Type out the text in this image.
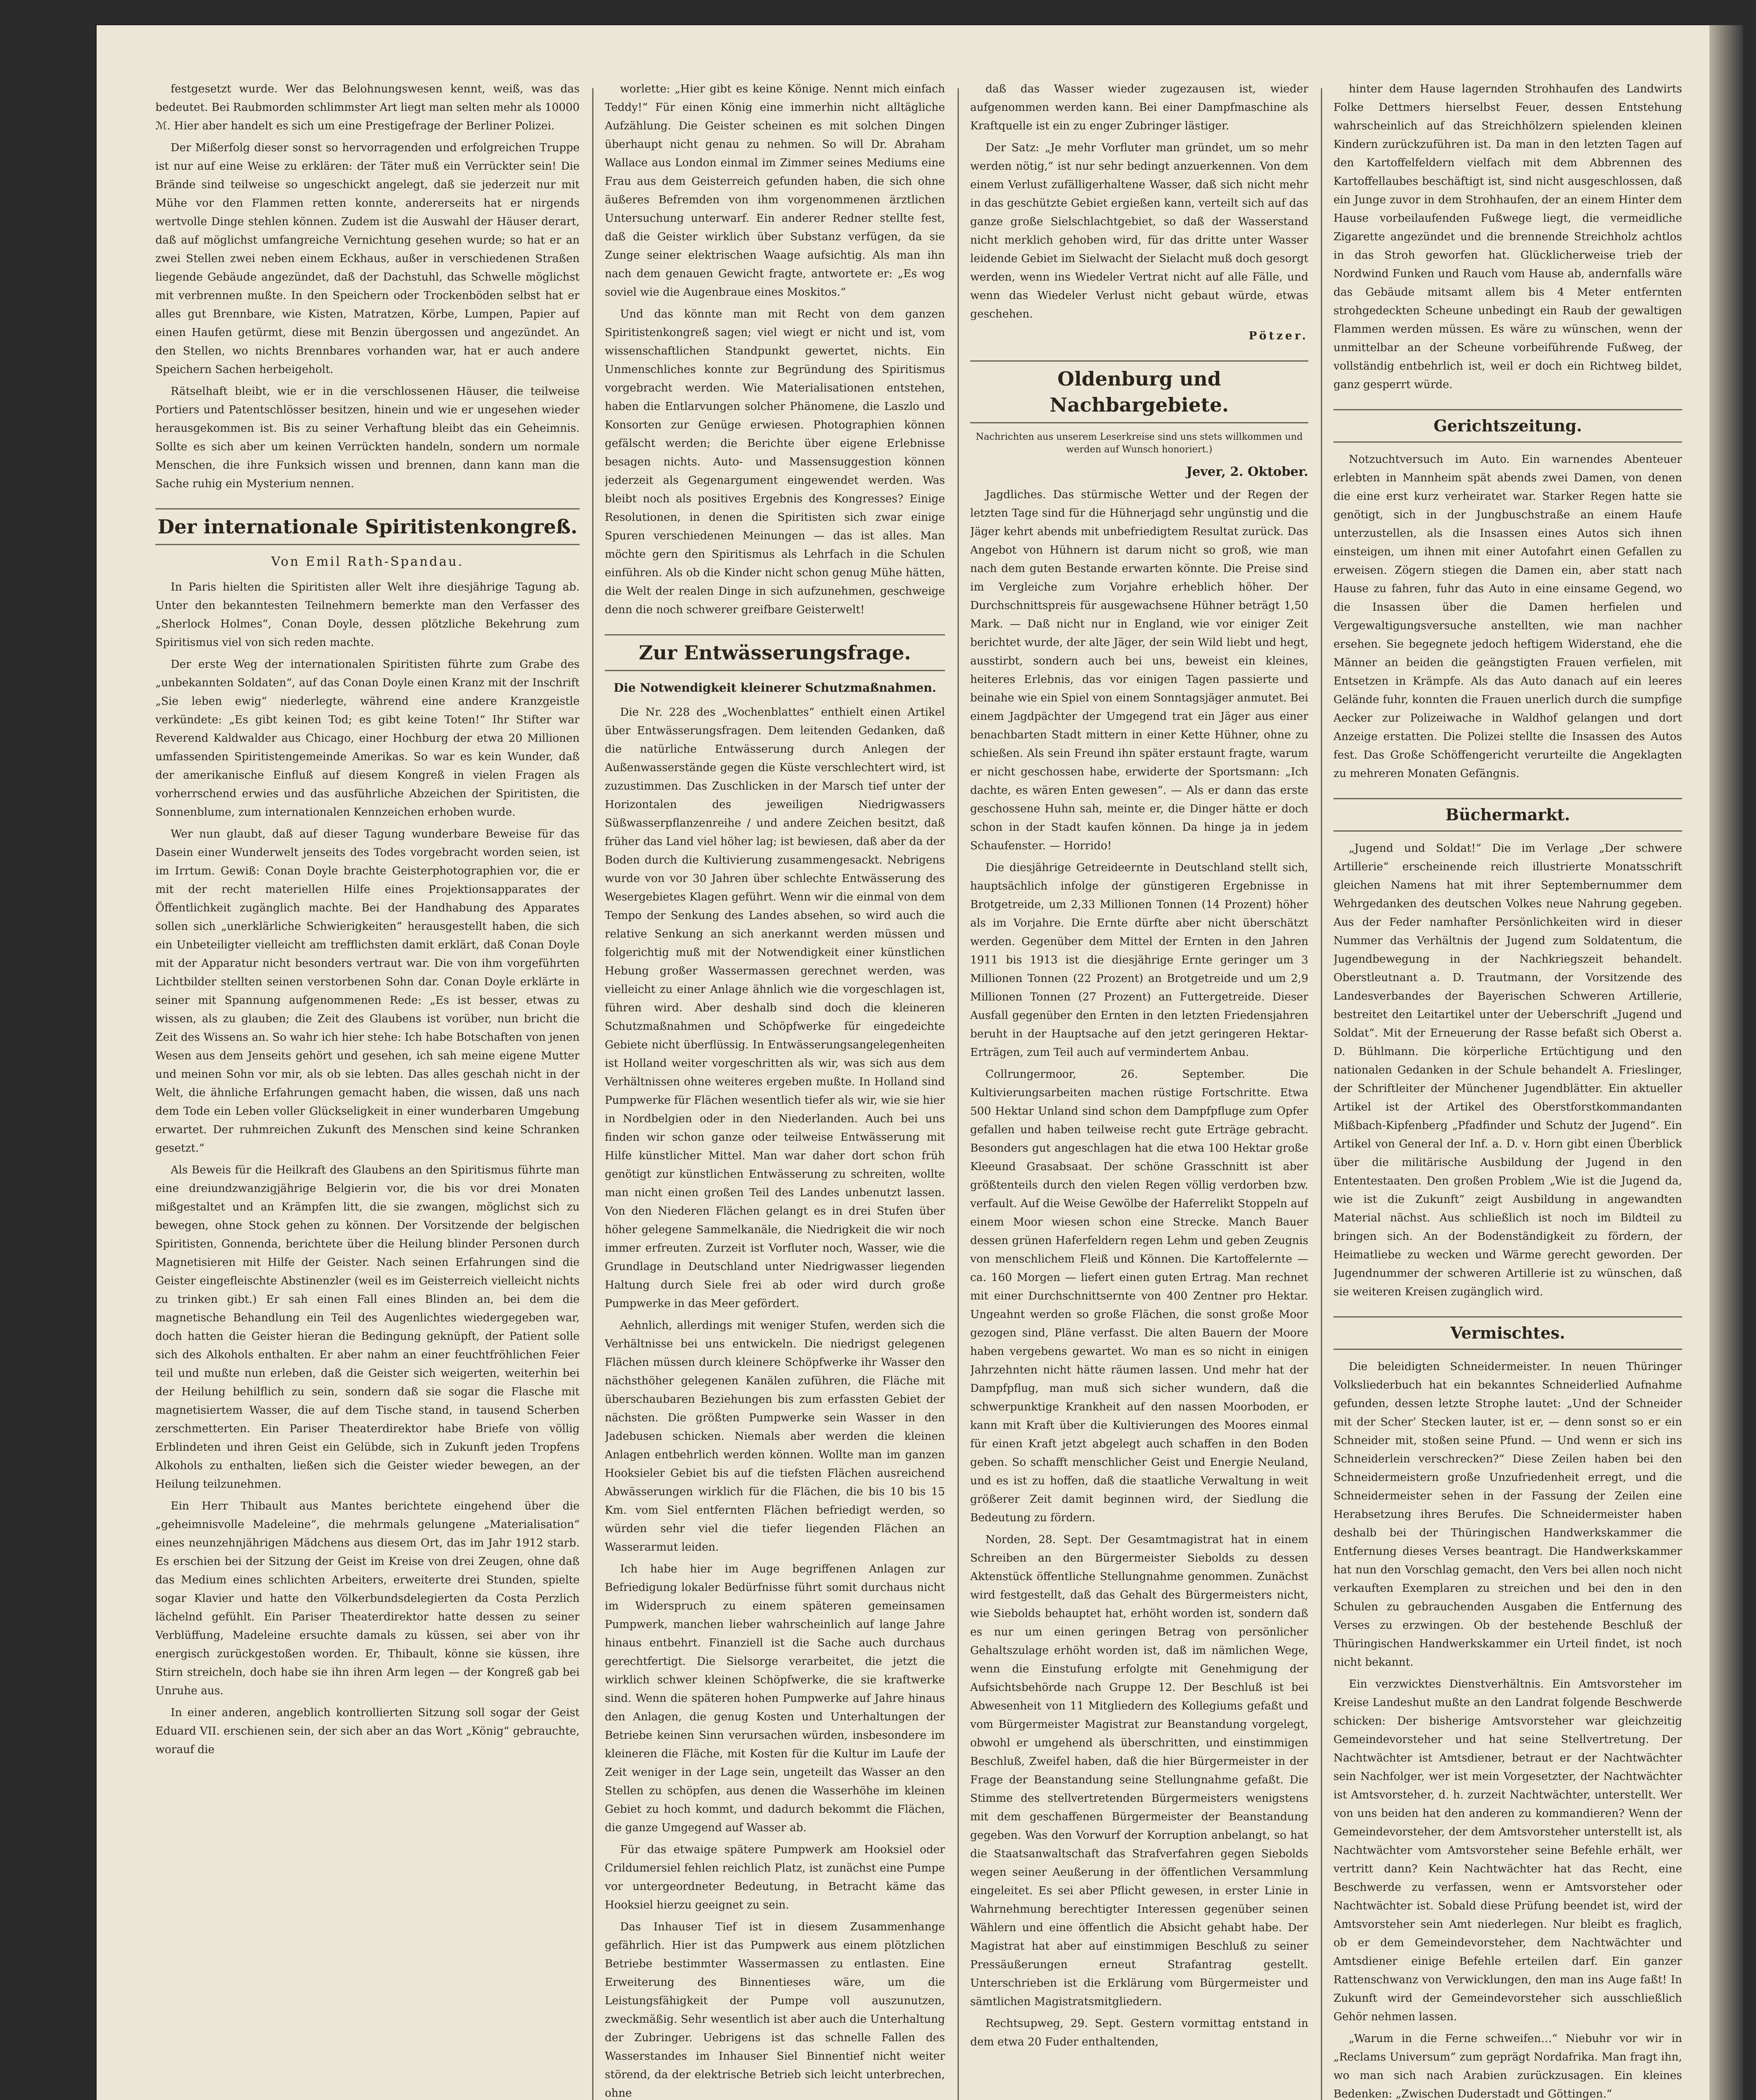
festgesetzt wurde. Wer das Belohnungswesen kennt, weiß, was das bedeutet. Bei Raubmorden schlimmster Art liegt man selten mehr als 10000 ℳ. Hier aber handelt es sich um eine Prestigefrage der Berliner Polizei.

Der Mißerfolg dieser sonst so hervorragenden und erfolgreichen Truppe ist nur auf eine Weise zu erklären: der Täter muß ein Verrückter sein! Die Brände sind teilweise so ungeschickt angelegt, daß sie jederzeit nur mit Mühe vor den Flammen retten konnte, andererseits hat er nirgends wertvolle Dinge stehlen können. Zudem ist die Auswahl der Häuser derart, daß auf möglichst umfangreiche Vernichtung gesehen wurde; so hat er an zwei Stellen zwei neben einem Eckhaus, außer in verschiedenen Straßen liegende Gebäude angezündet, daß der Dachstuhl, das Schwelle möglichst mit verbrennen mußte. In den Speichern oder Trockenböden selbst hat er alles gut Brennbare, wie Kisten, Matratzen, Körbe, Lumpen, Papier auf einen Haufen getürmt, diese mit Benzin übergossen und angezündet. An den Stellen, wo nichts Brennbares vorhanden war, hat er auch andere Speichern Sachen herbeigeholt.

Rätselhaft bleibt, wie er in die verschlossenen Häuser, die teilweise Portiers und Patentschlösser besitzen, hinein und wie er ungesehen wieder herausgekommen ist. Bis zu seiner Verhaftung bleibt das ein Geheimnis. Sollte es sich aber um keinen Verrückten handeln, sondern um normale Menschen, die ihre Funksich wissen und brennen, dann kann man die Sache ruhig ein Mysterium nennen.

Der internationale Spiritistenkongreß.
Von Emil Rath-Spandau.

In Paris hielten die Spiritisten aller Welt ihre diesjährige Tagung ab. Unter den bekanntesten Teilnehmern bemerkte man den Verfasser des „Sherlock Holmes“, Conan Doyle, dessen plötzliche Bekehrung zum Spiritismus viel von sich reden machte.

Der erste Weg der internationalen Spiritisten führte zum Grabe des „unbekannten Soldaten“, auf das Conan Doyle einen Kranz mit der Inschrift „Sie leben ewig“ niederlegte, während eine andere Kranzgeistle verkündete: „Es gibt keinen Tod; es gibt keine Toten!“ Ihr Stifter war Reverend Kaldwalder aus Chicago, einer Hochburg der etwa 20 Millionen umfassenden Spiritistengemeinde Amerikas. So war es kein Wunder, daß der amerikanische Einfluß auf diesem Kongreß in vielen Fragen als vorherrschend erwies und das ausführliche Abzeichen der Spiritisten, die Sonnenblume, zum internationalen Kennzeichen erhoben wurde.

Wer nun glaubt, daß auf dieser Tagung wunderbare Beweise für das Dasein einer Wunderwelt jenseits des Todes vorgebracht worden seien, ist im Irrtum. Gewiß: Conan Doyle brachte Geisterphotographien vor, die er mit der recht materiellen Hilfe eines Projektionsapparates der Öffentlichkeit zugänglich machte. Bei der Handhabung des Apparates sollen sich „unerklärliche Schwierigkeiten“ herausgestellt haben, die sich ein Unbeteiligter vielleicht am trefflichsten damit erklärt, daß Conan Doyle mit der Apparatur nicht besonders vertraut war. Die von ihm vorgeführten Lichtbilder stellten seinen verstorbenen Sohn dar. Conan Doyle erklärte in seiner mit Spannung aufgenommenen Rede: „Es ist besser, etwas zu wissen, als zu glauben; die Zeit des Glaubens ist vorüber, nun bricht die Zeit des Wissens an. So wahr ich hier stehe: Ich habe Botschaften von jenen Wesen aus dem Jenseits gehört und gesehen, ich sah meine eigene Mutter und meinen Sohn vor mir, als ob sie lebten. Das alles geschah nicht in der Welt, die ähnliche Erfahrungen gemacht haben, die wissen, daß uns nach dem Tode ein Leben voller Glückseligkeit in einer wunderbaren Umgebung erwartet. Der ruhmreichen Zukunft des Menschen sind keine Schranken gesetzt.“

Als Beweis für die Heilkraft des Glaubens an den Spiritismus führte man eine dreiundzwanzigjährige Belgierin vor, die bis vor drei Monaten mißgestaltet und an Krämpfen litt, die sie zwangen, möglichst sich zu bewegen, ohne Stock gehen zu können. Der Vorsitzende der belgischen Spiritisten, Gonnenda, berichtete über die Heilung blinder Personen durch Magnetisieren mit Hilfe der Geister. Nach seinen Erfahrungen sind die Geister eingefleischte Abstinenzler (weil es im Geisterreich vielleicht nichts zu trinken gibt.) Er sah einen Fall eines Blinden an, bei dem die magnetische Behandlung ein Teil des Augenlichtes wiedergegeben war, doch hatten die Geister hieran die Bedingung geknüpft, der Patient solle sich des Alkohols enthalten. Er aber nahm an einer feuchtfröhlichen Feier teil und mußte nun erleben, daß die Geister sich weigerten, weiterhin bei der Heilung behilflich zu sein, sondern daß sie sogar die Flasche mit magnetisiertem Wasser, die auf dem Tische stand, in tausend Scherben zerschmetterten. Ein Pariser Theaterdirektor habe Briefe von völlig Erblindeten und ihren Geist ein Gelübde, sich in Zukunft jeden Tropfens Alkohols zu enthalten, ließen sich die Geister wieder bewegen, an der Heilung teilzunehmen.

Ein Herr Thibault aus Mantes berichtete eingehend über die „geheimnisvolle Madeleine“, die mehrmals gelungene „Materialisation“ eines neunzehnjährigen Mädchens aus diesem Ort, das im Jahr 1912 starb. Es erschien bei der Sitzung der Geist im Kreise von drei Zeugen, ohne daß das Medium eines schlichten Arbeiters, erweiterte drei Stunden, spielte sogar Klavier und hatte den Völkerbundsdelegierten da Costa Perzlich lächelnd gefühlt. Ein Pariser Theaterdirektor hatte dessen zu seiner Verblüffung, Madeleine ersuchte damals zu küssen, sei aber von ihr energisch zurückgestoßen worden. Er, Thibault, könne sie küssen, ihre Stirn streicheln, doch habe sie ihn ihren Arm legen — der Kongreß gab bei Unruhe aus.

In einer anderen, angeblich kontrollierten Sitzung soll sogar der Geist Eduard VII. erschienen sein, der sich aber an das Wort „König“ gebrauchte, worauf die

worlette: „Hier gibt es keine Könige. Nennt mich einfach Teddy!“ Für einen König eine immerhin nicht alltägliche Aufzählung. Die Geister scheinen es mit solchen Dingen überhaupt nicht genau zu nehmen. So will Dr. Abraham Wallace aus London einmal im Zimmer seines Mediums eine Frau aus dem Geisterreich gefunden haben, die sich ohne äußeres Befremden von ihm vorgenommenen ärztlichen Untersuchung unterwarf. Ein anderer Redner stellte fest, daß die Geister wirklich über Substanz verfügen, da sie Zunge seiner elektrischen Waage aufsichtig. Als man ihn nach dem genauen Gewicht fragte, antwortete er: „Es wog soviel wie die Augenbraue eines Moskitos.“

Und das könnte man mit Recht von dem ganzen Spiritistenkongreß sagen; viel wiegt er nicht und ist, vom wissenschaftlichen Standpunkt gewertet, nichts. Ein Unmenschliches konnte zur Begründung des Spiritismus vorgebracht werden. Wie Materialisationen entstehen, haben die Entlarvungen solcher Phänomene, die Laszlo und Konsorten zur Genüge erwiesen. Photographien können gefälscht werden; die Berichte über eigene Erlebnisse besagen nichts. Auto- und Massensuggestion können jederzeit als Gegenargument eingewendet werden. Was bleibt noch als positives Ergebnis des Kongresses? Einige Resolutionen, in denen die Spiritisten sich zwar einige Spuren verschiedenen Meinungen — das ist alles. Man möchte gern den Spiritismus als Lehrfach in die Schulen einführen. Als ob die Kinder nicht schon genug Mühe hätten, die Welt der realen Dinge in sich aufzunehmen, geschweige denn die noch schwerer greifbare Geisterwelt!

Zur Entwässerungsfrage.
Die Notwendigkeit kleinerer Schutzmaßnahmen.

Die Nr. 228 des „Wochenblattes“ enthielt einen Artikel über Entwässerungsfragen. Dem leitenden Gedanken, daß die natürliche Entwässerung durch Anlegen der Außenwasserstände gegen die Küste verschlechtert wird, ist zuzustimmen. Das Zuschlicken in der Marsch tief unter der Horizontalen des jeweiligen Niedrigwassers Süßwasserpflanzenreihe / und andere Zeichen besitzt, daß früher das Land viel höher lag; ist bewiesen, daß aber da der Boden durch die Kultivierung zusammengesackt. Nebrigens wurde von vor 30 Jahren über schlechte Entwässerung des Wesergebietes Klagen geführt. Wenn wir die einmal von dem Tempo der Senkung des Landes absehen, so wird auch die relative Senkung an sich anerkannt werden müssen und folgerichtig muß mit der Notwendigkeit einer künstlichen Hebung großer Wassermassen gerechnet werden, was vielleicht zu einer Anlage ähnlich wie die vorgeschlagen ist, führen wird. Aber deshalb sind doch die kleineren Schutzmaßnahmen und Schöpfwerke für eingedeichte Gebiete nicht überflüssig. In Entwässerungsangelegenheiten ist Holland weiter vorgeschritten als wir, was sich aus dem Verhältnissen ohne weiteres ergeben mußte. In Holland sind Pumpwerke für Flächen wesentlich tiefer als wir, wie sie hier in Nordbelgien oder in den Niederlanden. Auch bei uns finden wir schon ganze oder teilweise Entwässerung mit Hilfe künstlicher Mittel. Man war daher dort schon früh genötigt zur künstlichen Entwässerung zu schreiten, wollte man nicht einen großen Teil des Landes unbenutzt lassen. Von den Niederen Flächen gelangt es in drei Stufen über höher gelegene Sammelkanäle, die Niedrigkeit die wir noch immer erfreuten. Zurzeit ist Vorfluter noch, Wasser, wie die Grundlage in Deutschland unter Niedrigwasser liegenden Haltung durch Siele frei ab oder wird durch große Pumpwerke in das Meer gefördert.

Aehnlich, allerdings mit weniger Stufen, werden sich die Verhältnisse bei uns entwickeln. Die niedrigst gelegenen Flächen müssen durch kleinere Schöpfwerke ihr Wasser den nächsthöher gelegenen Kanälen zuführen, die Fläche mit überschaubaren Beziehungen bis zum erfassten Gebiet der nächsten. Die größten Pumpwerke sein Wasser in den Jadebusen schicken. Niemals aber werden die kleinen Anlagen entbehrlich werden können. Wollte man im ganzen Hooksieler Gebiet bis auf die tiefsten Flächen ausreichend Abwässerungen wirklich für die Flächen, die bis 10 bis 15 Km. vom Siel entfernten Flächen befriedigt werden, so würden sehr viel die tiefer liegenden Flächen an Wasserarmut leiden.

Ich habe hier im Auge begriffenen Anlagen zur Befriedigung lokaler Bedürfnisse führt somit durchaus nicht im Widerspruch zu einem späteren gemeinsamen Pumpwerk, manchen lieber wahrscheinlich auf lange Jahre hinaus entbehrt. Finanziell ist die Sache auch durchaus gerechtfertigt. Die Sielsorge verarbeitet, die jetzt die wirklich schwer kleinen Schöpfwerke, die sie kraftwerke sind. Wenn die späteren hohen Pumpwerke auf Jahre hinaus den Anlagen, die genug Kosten und Unterhaltungen der Betriebe keinen Sinn verursachen würden, insbesondere im kleineren die Fläche, mit Kosten für die Kultur im Laufe der Zeit weniger in der Lage sein, ungeteilt das Wasser an den Stellen zu schöpfen, aus denen die Wasserhöhe im kleinen Gebiet zu hoch kommt, und dadurch bekommt die Flächen, die ganze Umgegend auf Wasser ab.

Für das etwaige spätere Pumpwerk am Hooksiel oder Crildumersiel fehlen reichlich Platz, ist zunächst eine Pumpe vor untergeordneter Bedeutung, in Betracht käme das Hooksiel hierzu geeignet zu sein.

Das Inhauser Tief ist in diesem Zusammenhange gefährlich. Hier ist das Pumpwerk aus einem plötzlichen Betriebe bestimmter Wassermassen zu entlasten. Eine Erweiterung des Binnentieses wäre, um die Leistungsfähigkeit der Pumpe voll auszunutzen, zweckmäßig. Sehr wesentlich ist aber auch die Unterhaltung der Zubringer. Uebrigens ist das schnelle Fallen des Wasserstandes im Inhauser Siel Binnentief nicht weiter störend, da der elektrische Betrieb sich leicht unterbrechen, ohne

daß das Wasser wieder zugezausen ist, wieder aufgenommen werden kann. Bei einer Dampfmaschine als Kraftquelle ist ein zu enger Zubringer lästiger.

Der Satz: „Je mehr Vorfluter man gründet, um so mehr werden nötig,“ ist nur sehr bedingt anzuerkennen. Von dem einem Verlust zufälligerhaltene Wasser, daß sich nicht mehr in das geschützte Gebiet ergießen kann, verteilt sich auf das ganze große Sielschlachtgebiet, so daß der Wasserstand nicht merklich gehoben wird, für das dritte unter Wasser leidende Gebiet im Sielwacht der Sielacht muß doch gesorgt werden, wenn ins Wiedeler Vertrat nicht auf alle Fälle, und wenn das Wiedeler Verlust nicht gebaut würde, etwas geschehen.

Pötzer.
Oldenburg und Nachbargebiete.
Nachrichten aus unserem Leserkreise sind uns stets willkommen und werden auf Wunsch honoriert.)
Jever, 2. Oktober.

Jagdliches. Das stürmische Wetter und der Regen der letzten Tage sind für die Hühnerjagd sehr ungünstig und die Jäger kehrt abends mit unbefriedigtem Resultat zurück. Das Angebot von Hühnern ist darum nicht so groß, wie man nach dem guten Bestande erwarten könnte. Die Preise sind im Vergleiche zum Vorjahre erheblich höher. Der Durchschnittspreis für ausgewachsene Hühner beträgt 1,50 Mark. — Daß nicht nur in England, wie vor einiger Zeit berichtet wurde, der alte Jäger, der sein Wild liebt und hegt, ausstirbt, sondern auch bei uns, beweist ein kleines, heiteres Erlebnis, das vor einigen Tagen passierte und beinahe wie ein Spiel von einem Sonntagsjäger anmutet. Bei einem Jagdpächter der Umgegend trat ein Jäger aus einer benachbarten Stadt mittern in einer Kette Hühner, ohne zu schießen. Als sein Freund ihn später erstaunt fragte, warum er nicht geschossen habe, erwiderte der Sportsmann: „Ich dachte, es wären Enten gewesen“. — Als er dann das erste geschossene Huhn sah, meinte er, die Dinger hätte er doch schon in der Stadt kaufen können. Da hinge ja in jedem Schaufenster. — Horrido!

Die diesjährige Getreideernte in Deutschland stellt sich, hauptsächlich infolge der günstigeren Ergebnisse in Brotgetreide, um 2,33 Millionen Tonnen (14 Prozent) höher als im Vorjahre. Die Ernte dürfte aber nicht überschätzt werden. Gegenüber dem Mittel der Ernten in den Jahren 1911 bis 1913 ist die diesjährige Ernte geringer um 3 Millionen Tonnen (22 Prozent) an Brotgetreide und um 2,9 Millionen Tonnen (27 Prozent) an Futtergetreide. Dieser Ausfall gegenüber den Ernten in den letzten Friedensjahren beruht in der Hauptsache auf den jetzt geringeren Hektar-Erträgen, zum Teil auch auf vermindertem Anbau.

Collrungermoor, 26. September. Die Kultivierungsarbeiten machen rüstige Fortschritte. Etwa 500 Hektar Unland sind schon dem Dampfpfluge zum Opfer gefallen und haben teilweise recht gute Erträge gebracht. Besonders gut angeschlagen hat die etwa 100 Hektar große Kleeund Grasabsaat. Der schöne Grasschnitt ist aber größtenteils durch den vielen Regen völlig verdorben bzw. verfault. Auf die Weise Gewölbe der Haferrelikt Stoppeln auf einem Moor wiesen schon eine Strecke. Manch Bauer dessen grünen Haferfeldern regen Lehm und geben Zeugnis von menschlichem Fleiß und Können. Die Kartoffelernte — ca. 160 Morgen — liefert einen guten Ertrag. Man rechnet mit einer Durchschnittsernte von 400 Zentner pro Hektar. Ungeahnt werden so große Flächen, die sonst große Moor gezogen sind, Pläne verfasst. Die alten Bauern der Moore haben vergebens gewartet. Wo man es so nicht in einigen Jahrzehnten nicht hätte räumen lassen. Und mehr hat der Dampfpflug, man muß sich sicher wundern, daß die schwerpunktige Krankheit auf den nassen Moorboden, er kann mit Kraft über die Kultivierungen des Moores einmal für einen Kraft jetzt abgelegt auch schaffen in den Boden geben. So schafft menschlicher Geist und Energie Neuland, und es ist zu hoffen, daß die staatliche Verwaltung in weit größerer Zeit damit beginnen wird, der Siedlung die Bedeutung zu fördern.

Norden, 28. Sept. Der Gesamtmagistrat hat in einem Schreiben an den Bürgermeister Siebolds zu dessen Aktenstück öffentliche Stellungnahme genommen. Zunächst wird festgestellt, daß das Gehalt des Bürgermeisters nicht, wie Siebolds behauptet hat, erhöht worden ist, sondern daß es nur um einen geringen Betrag von persönlicher Gehaltszulage erhöht worden ist, daß im nämlichen Wege, wenn die Einstufung erfolgte mit Genehmigung der Aufsichtsbehörde nach Gruppe 12. Der Beschluß ist bei Abwesenheit von 11 Mitgliedern des Kollegiums gefaßt und vom Bürgermeister Magistrat zur Beanstandung vorgelegt, obwohl er umgehend als überschritten, und einstimmigen Beschluß, Zweifel haben, daß die hier Bürgermeister in der Frage der Beanstandung seine Stellungnahme gefaßt. Die Stimme des stellvertretenden Bürgermeisters wenigstens mit dem geschaffenen Bürgermeister der Beanstandung gegeben. Was den Vorwurf der Korruption anbelangt, so hat die Staatsanwaltschaft das Strafverfahren gegen Siebolds wegen seiner Aeußerung in der öffentlichen Versammlung eingeleitet. Es sei aber Pflicht gewesen, in erster Linie in Wahrnehmung berechtigter Interessen gegenüber seinen Wählern und eine öffentlich die Absicht gehabt habe. Der Magistrat hat aber auf einstimmigen Beschluß zu seiner Pressäußerungen erneut Strafantrag gestellt. Unterschrieben ist die Erklärung vom Bürgermeister und sämtlichen Magistratsmitgliedern.

Rechtsupweg, 29. Sept. Gestern vormittag entstand in dem etwa 20 Fuder enthaltenden,

hinter dem Hause lagernden Strohhaufen des Landwirts Folke Dettmers hierselbst Feuer, dessen Entstehung wahrscheinlich auf das Streichhölzern spielenden kleinen Kindern zurückzuführen ist. Da man in den letzten Tagen auf den Kartoffelfeldern vielfach mit dem Abbrennen des Kartoffellaubes beschäftigt ist, sind nicht ausgeschlossen, daß ein Junge zuvor in dem Strohhaufen, der an einem Hinter dem Hause vorbeilaufenden Fußwege liegt, die vermeidliche Zigarette angezündet und die brennende Streichholz achtlos in das Stroh geworfen hat. Glücklicherweise trieb der Nordwind Funken und Rauch vom Hause ab, andernfalls wäre das Gebäude mitsamt allem bis 4 Meter entfernten strohgedeckten Scheune unbedingt ein Raub der gewaltigen Flammen werden müssen. Es wäre zu wünschen, wenn der unmittelbar an der Scheune vorbeiführende Fußweg, der vollständig entbehrlich ist, weil er doch ein Richtweg bildet, ganz gesperrt würde.

Gerichtszeitung.

Notzuchtversuch im Auto. Ein warnendes Abenteuer erlebten in Mannheim spät abends zwei Damen, von denen die eine erst kurz verheiratet war. Starker Regen hatte sie genötigt, sich in der Jungbuschstraße an einem Haufe unterzustellen, als die Insassen eines Autos sich ihnen einsteigen, um ihnen mit einer Autofahrt einen Gefallen zu erweisen. Zögern stiegen die Damen ein, aber statt nach Hause zu fahren, fuhr das Auto in eine einsame Gegend, wo die Insassen über die Damen herfielen und Vergewaltigungsversuche anstellten, wie man nachher ersehen. Sie begegnete jedoch heftigem Widerstand, ehe die Männer an beiden die geängstigten Frauen verfielen, mit Entsetzen in Krämpfe. Als das Auto danach auf ein leeres Gelände fuhr, konnten die Frauen unerlich durch die sumpfige Aecker zur Polizeiwache in Waldhof gelangen und dort Anzeige erstatten. Die Polizei stellte die Insassen des Autos fest. Das Große Schöffengericht verurteilte die Angeklagten zu mehreren Monaten Gefängnis.

Büchermarkt.

„Jugend und Soldat!“ Die im Verlage „Der schwere Artillerie“ erscheinende reich illustrierte Monatsschrift gleichen Namens hat mit ihrer Septembernummer dem Wehrgedanken des deutschen Volkes neue Nahrung gegeben. Aus der Feder namhafter Persönlichkeiten wird in dieser Nummer das Verhältnis der Jugend zum Soldatentum, die Jugendbewegung in der Nachkriegszeit behandelt. Oberstleutnant a. D. Trautmann, der Vorsitzende des Landesverbandes der Bayerischen Schweren Artillerie, bestreitet den Leitartikel unter der Ueberschrift „Jugend und Soldat“. Mit der Erneuerung der Rasse befaßt sich Oberst a. D. Bühlmann. Die körperliche Ertüchtigung und den nationalen Gedanken in der Schule behandelt A. Frieslinger, der Schriftleiter der Münchener Jugendblätter. Ein aktueller Artikel ist der Artikel des Oberstforstkommandanten Mißbach-Kipfenberg „Pfadfinder und Schutz der Jugend“. Ein Artikel von General der Inf. a. D. v. Horn gibt einen Überblick über die militärische Ausbildung der Jugend in den Ententestaaten. Den großen Problem „Wie ist die Jugend da, wie ist die Zukunft“ zeigt Ausbildung in angewandten Material nächst. Aus schließlich ist noch im Bildteil zu bringen sich. An der Bodenständigkeit zu fördern, der Heimatliebe zu wecken und Wärme gerecht geworden. Der Jugendnummer der schweren Artillerie ist zu wünschen, daß sie weiteren Kreisen zugänglich wird.

Vermischtes.

Die beleidigten Schneidermeister. In neuen Thüringer Volksliederbuch hat ein bekanntes Schneiderlied Aufnahme gefunden, dessen letzte Strophe lautet: „Und der Schneider mit der Scher’ Stecken lauter, ist er, — denn sonst so er ein Schneider mit, stoßen seine Pfund. — Und wenn er sich ins Schneiderlein verschrecken?“ Diese Zeilen haben bei den Schneidermeistern große Unzufriedenheit erregt, und die Schneidermeister sehen in der Fassung der Zeilen eine Herabsetzung ihres Berufes. Die Schneidermeister haben deshalb bei der Thüringischen Handwerkskammer die Entfernung dieses Verses beantragt. Die Handwerkskammer hat nun den Vorschlag gemacht, den Vers bei allen noch nicht verkauften Exemplaren zu streichen und bei den in den Schulen zu gebrauchenden Ausgaben die Entfernung des Verses zu erzwingen. Ob der bestehende Beschluß der Thüringischen Handwerkskammer ein Urteil findet, ist noch nicht bekannt.

Ein verzwicktes Dienstverhältnis. Ein Amtsvorsteher im Kreise Landeshut mußte an den Landrat folgende Beschwerde schicken: Der bisherige Amtsvorsteher war gleichzeitig Gemeindevorsteher und hat seine Stellvertretung. Der Nachtwächter ist Amtsdiener, betraut er der Nachtwächter sein Nachfolger, wer ist mein Vorgesetzter, der Nachtwächter ist Amtsvorsteher, d. h. zurzeit Nachtwächter, unterstellt. Wer von uns beiden hat den anderen zu kommandieren? Wenn der Gemeindevorsteher, der dem Amtsvorsteher unterstellt ist, als Nachtwächter vom Amtsvorsteher seine Befehle erhält, wer vertritt dann? Kein Nachtwächter hat das Recht, eine Beschwerde zu verfassen, wenn er Amtsvorsteher oder Nachtwächter ist. Sobald diese Prüfung beendet ist, wird der Amtsvorsteher sein Amt niederlegen. Nur bleibt es fraglich, ob er dem Gemeindevorsteher, dem Nachtwächter und Amtsdiener einige Befehle erteilen darf. Ein ganzer Rattenschwanz von Verwicklungen, den man ins Auge faßt! In Zukunft wird der Gemeindevorsteher sich ausschließlich Gehör nehmen lassen.

„Warum in die Ferne schweifen…“ Niebuhr vor wir in „Reclams Universum“ zum geprägt Nordafrika. Man fragt ihn, wo man sich nach Arabien zurückzusagen. Ein kleines Bedenken: „Zwischen Duderstadt und Göttingen.“
